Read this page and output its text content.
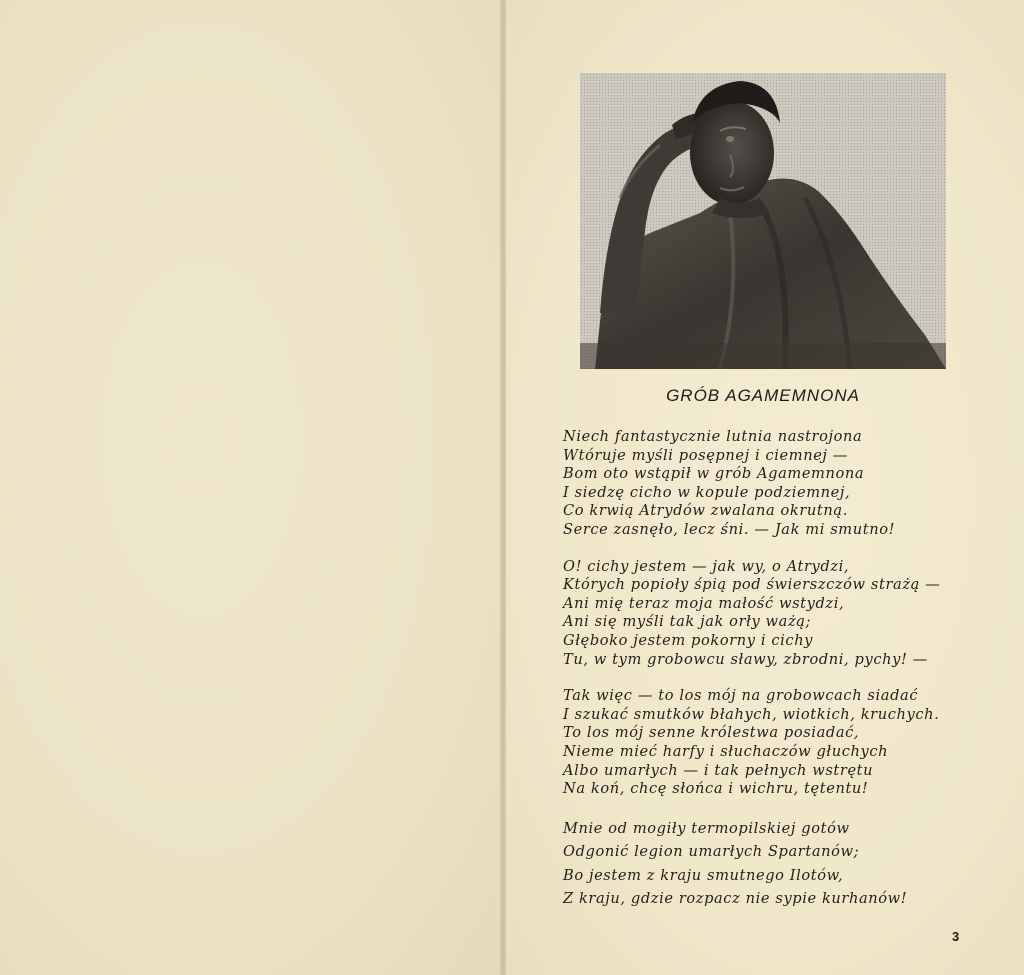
GRÓB AGAMEMNONA

Niech fantastycznie lutnia nastrojona
Wtóruje myśli posępnej i ciemnej —
Bom oto wstąpił w grób Agamemnona
I siedzę cicho w kopule podziemnej,
Co krwią Atrydów zwalana okrutną.
Serce zasnęło, lecz śni. — Jak mi smutno!

O! cichy jestem — jak wy, o Atrydzi,
Których popioły śpią pod świerszczów strażą —
Ani mię teraz moja małość wstydzi,
Ani się myśli tak jak orły ważą;
Głęboko jestem pokorny i cichy
Tu, w tym grobowcu sławy, zbrodni, pychy! —

Tak więc — to los mój na grobowcach siadać
I szukać smutków błahych, wiotkich, kruchych.
To los mój senne królestwa posiadać,
Nieme mieć harfy i słuchaczów głuchych
Albo umarłych — i tak pełnych wstrętu
Na koń, chcę słońca i wichru, tętentu!

Mnie od mogiły termopilskiej gotów
Odgonić legion umarłych Spartanów;
Bo jestem z kraju smutnego Ilotów,
Z kraju, gdzie rozpacz nie sypie kurhanów!

3
